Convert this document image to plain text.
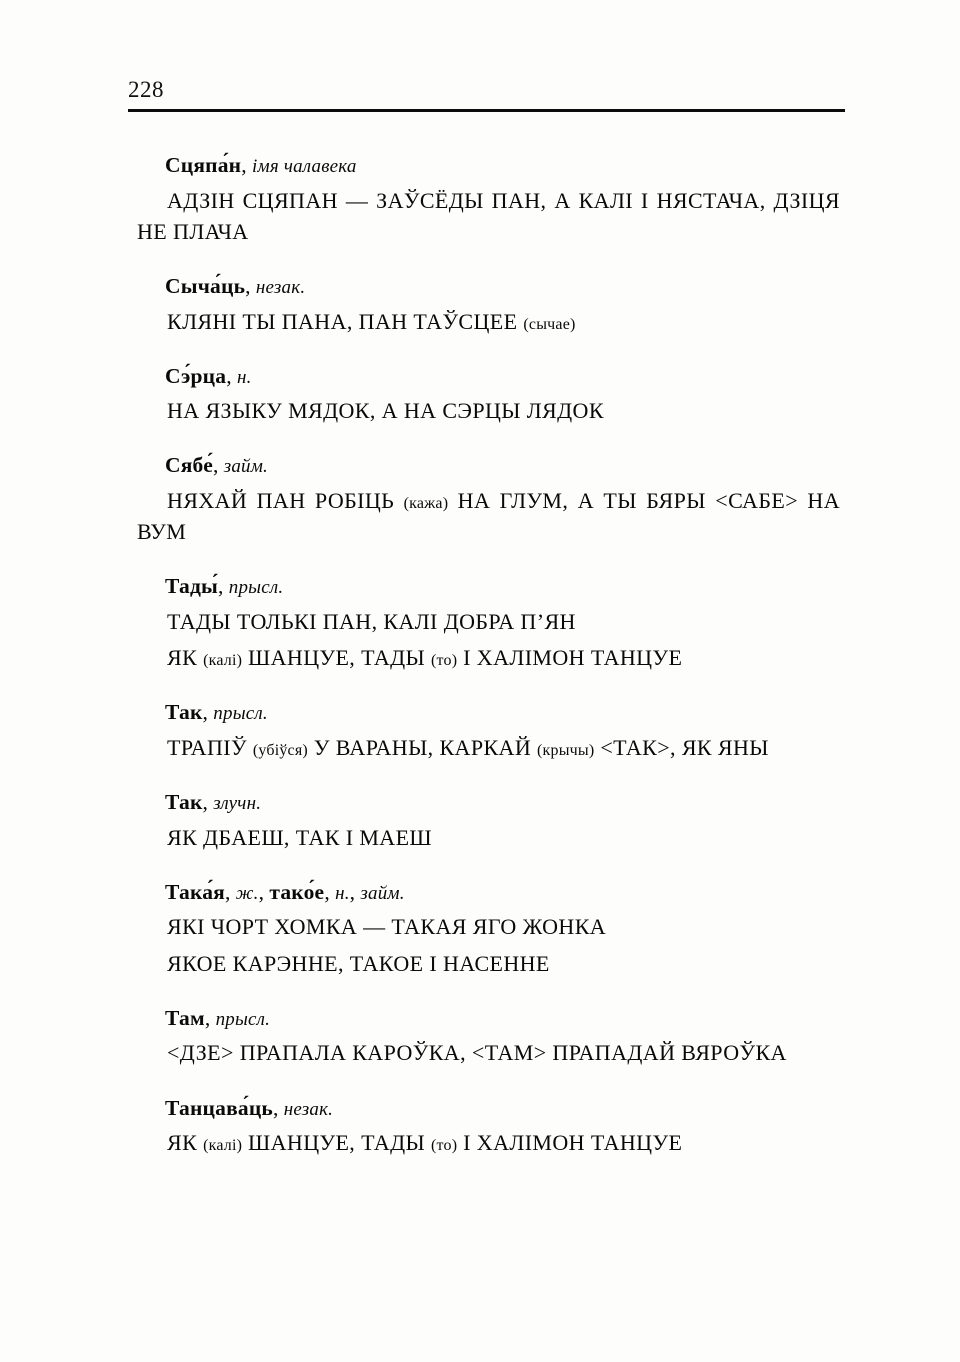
228
Сцяпа́н, імя чалавека

АДЗІН СЦЯПАН — ЗАЎСЁДЫ ПАН, А КАЛІ І НЯСТАЧА, ДЗІЦЯ НЕ ПЛАЧА

Сыча́ць, незак.

КЛЯНІ ТЫ ПАНА, ПАН ТАЎСЦЕЕ (сычае)

Сэ́рца, н.

НА ЯЗЫКУ МЯДОК, А НА СЭРЦЫ ЛЯДОК

Сябе́, займ.

НЯХАЙ ПАН РОБІЦЬ (кажа) НА ГЛУМ, А ТЫ БЯРЫ <САБЕ> НА ВУМ

Тады́, прысл.

ТАДЫ ТОЛЬКІ ПАН, КАЛІ ДОБРА П’ЯН

ЯК (калі) ШАНЦУЕ, ТАДЫ (то) І ХАЛІМОН ТАНЦУЕ

Так, прысл.

ТРАПІЎ (убіўся) У ВАРАНЫ, КАРКАЙ (крычы) <ТАК>, ЯК ЯНЫ

Так, злучн.

ЯК ДБАЕШ, ТАК І МАЕШ

Така́я, ж., тако́е, н., займ.

ЯКІ ЧОРТ ХОМКА — ТАКАЯ ЯГО ЖОНКА

ЯКОЕ КАРЭННЕ, ТАКОЕ І НАСЕННЕ

Там, прысл.

<ДЗЕ> ПРАПАЛА КАРОЎКА, <ТАМ> ПРАПАДАЙ ВЯРОЎКА

Танцава́ць, незак.

ЯК (калі) ШАНЦУЕ, ТАДЫ (то) І ХАЛІМОН ТАНЦУЕ
